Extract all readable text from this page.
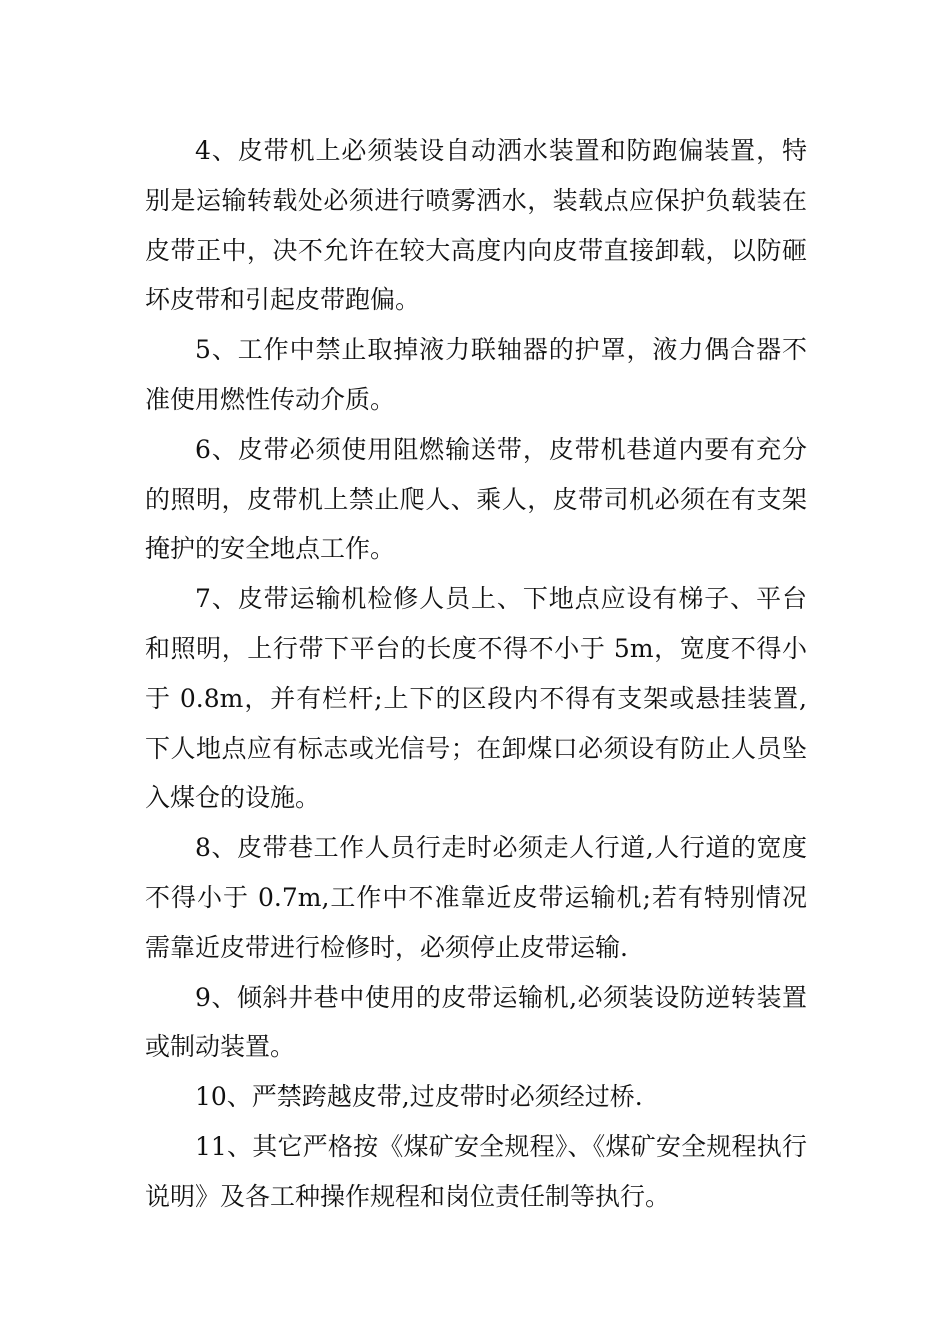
4、皮带机上必须装设自动洒水装置和防跑偏装置，特别是运输转载处必须进行喷雾洒水，装载点应保护负载装在皮带正中，决不允许在较大高度内向皮带直接卸载，以防砸坏皮带和引起皮带跑偏。

5、工作中禁止取掉液力联轴器的护罩，液力偶合器不准使用燃性传动介质。

6、皮带必须使用阻燃输送带，皮带机巷道内要有充分的照明，皮带机上禁止爬人、乘人，皮带司机必须在有支架掩护的安全地点工作。

7、皮带运输机检修人员上、下地点应设有梯子、平台和照明，上行带下平台的长度不得不小于 5m，宽度不得小于 0.8m，并有栏杆;上下的区段内不得有支架或悬挂装置,下人地点应有标志或光信号；在卸煤口必须设有防止人员坠入煤仓的设施。

8、皮带巷工作人员行走时必须走人行道,人行道的宽度不得小于 0.7m,工作中不准靠近皮带运输机;若有特别情况需靠近皮带进行检修时，必须停止皮带运输.

9、倾斜井巷中使用的皮带运输机,必须装设防逆转装置或制动装置。

10、严禁跨越皮带,过皮带时必须经过桥.

11、其它严格按《煤矿安全规程》、《煤矿安全规程执行说明》及各工种操作规程和岗位责任制等执行。
